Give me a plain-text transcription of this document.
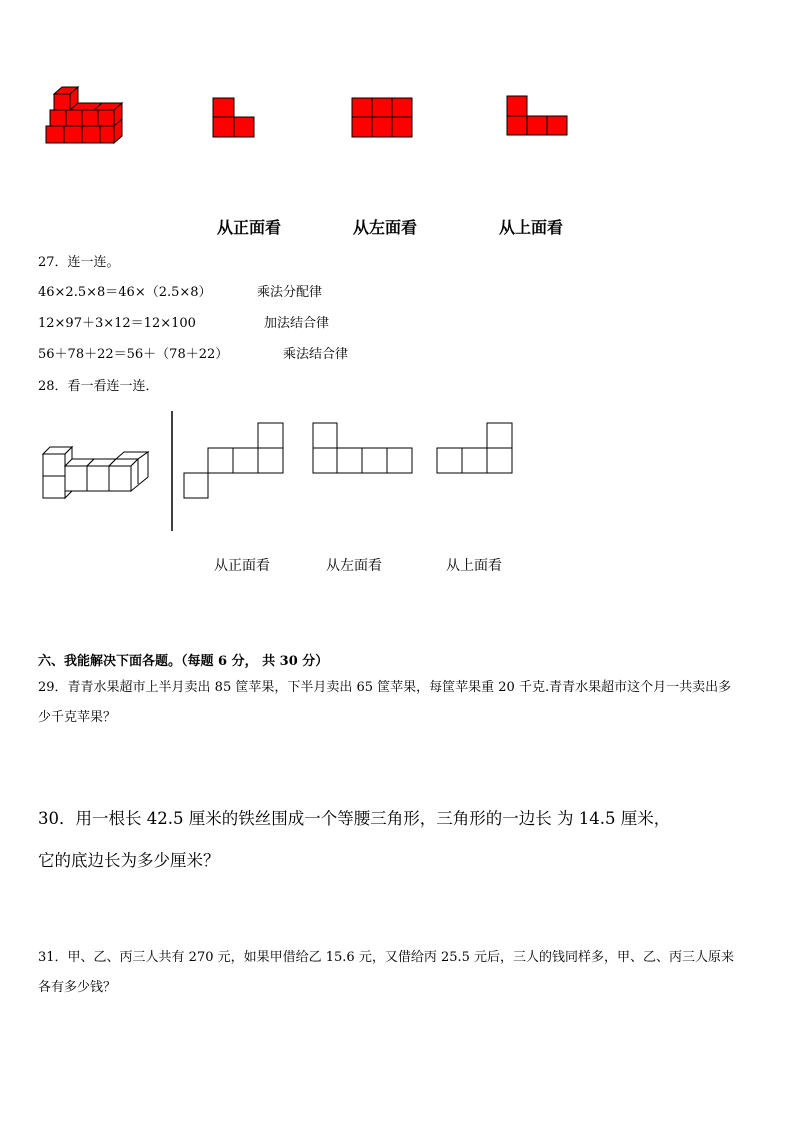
从正面看	从左面看	从上面看
27．连一连。
46×2.5×8＝46×（2.5×8）	乘法分配律
12×97＋3×12＝12×100	加法结合律
56＋78＋22＝56＋（78＋22）	乘法结合律
28．看一看连一连．
从正面看	从左面看	从上面看
六、我能解决下面各题。（每题 6 分， 共 30 分）
29．青青水果超市上半月卖出 85 筐苹果，下半月卖出 65 筐苹果，每筐苹果重 20 千克.青青水果超市这个月一共卖出多
少千克苹果？
30．用一根长 42.5 厘米的铁丝围成一个等腰三角形，三角形的一边长 为 14.5 厘米，
它的底边长为多少厘米？
31．甲、乙、丙三人共有 270 元，如果甲借给乙 15.6 元，又借给丙 25.5 元后，三人的钱同样多，甲、乙、丙三人原来
各有多少钱？
